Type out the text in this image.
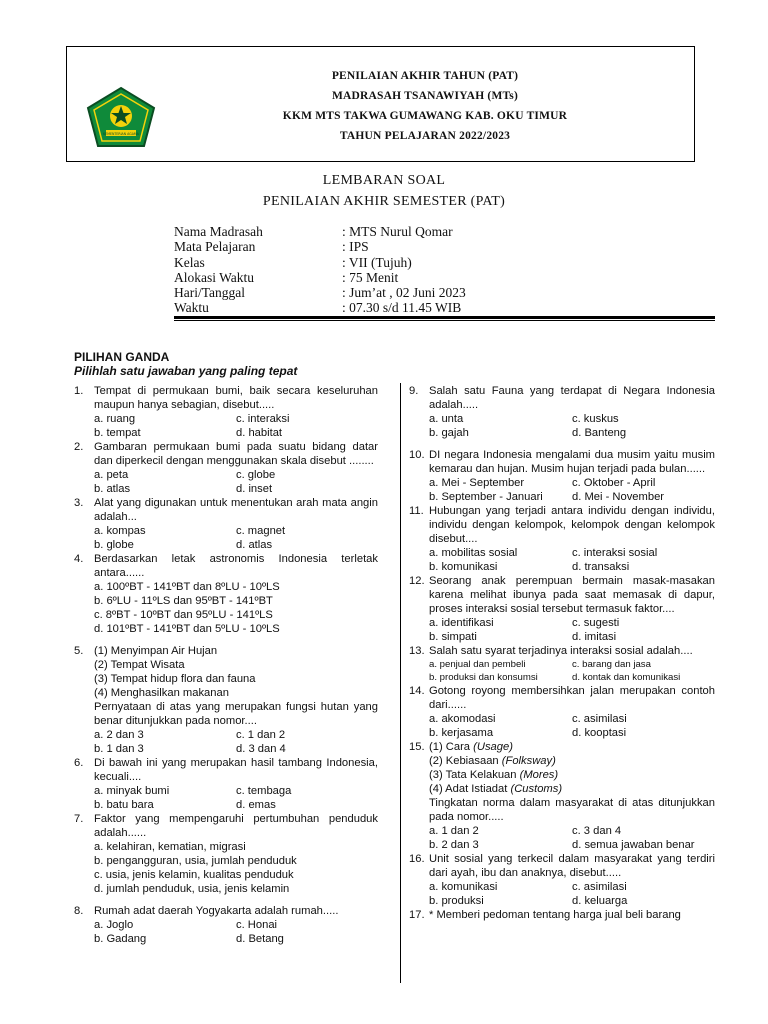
KEMENTERIAN AGAMA
PENILAIAN AKHIR TAHUN (PAT)
MADRASAH TSANAWIYAH (MTs)
KKM MTS TAKWA GUMAWANG KAB. OKU TIMUR
TAHUN PELAJARAN 2022/2023
LEMBARAN SOAL
PENILAIAN AKHIR SEMESTER (PAT)
Nama Madrasah	: MTS Nurul Qomar
Mata Pelajaran	: IPS
Kelas	: VII (Tujuh)
Alokasi Waktu	: 75 Menit
Hari/Tanggal	: Jum’at , 02 Juni 2023
Waktu	: 07.30 s/d 11.45 WIB
PILIHAN GANDA
Pilihlah satu jawaban yang paling tepat
1. Tempat di permukaan bumi, baik secara keseluruhan maupun hanya sebagian, disebut.....
a. ruang	c. interaksi
b. tempat	d. habitat
2. Gambaran permukaan bumi pada suatu bidang datar dan diperkecil dengan menggunakan skala disebut ........
a. peta	c. globe
b. atlas	d. inset
3. Alat yang digunakan untuk menentukan arah mata angin adalah...
a. kompas	c. magnet
b. globe	d. atlas
4. Berdasarkan letak astronomis Indonesia terletak antara......
a. 100ºBT - 141ºBT dan 8ºLU - 10ºLS
b. 6ºLU - 11ºLS dan 95ºBT - 141ºBT
c. 8ºBT - 10ºBT dan 95ºLU - 141ºLS
d. 101ºBT - 141ºBT dan 5ºLU - 10ºLS
5. (1) Menyimpan Air Hujan
(2) Tempat Wisata
(3) Tempat hidup flora dan fauna
(4) Menghasilkan makanan
Pernyataan di atas yang merupakan fungsi hutan yang benar ditunjukkan pada nomor....
a. 2 dan 3	c. 1 dan 2
b. 1 dan 3	d. 3 dan 4
6. Di bawah ini yang merupakan hasil tambang Indonesia, kecuali....
a. minyak bumi	c. tembaga
b. batu bara	d. emas
7. Faktor yang mempengaruhi pertumbuhan penduduk adalah......
a. kelahiran, kematian, migrasi
b. pengangguran, usia, jumlah penduduk
c. usia, jenis kelamin, kualitas penduduk
d. jumlah penduduk, usia, jenis kelamin
8. Rumah adat daerah Yogyakarta adalah rumah.....
a. Joglo	c. Honai
b. Gadang	d. Betang
9. Salah satu Fauna yang terdapat di Negara Indonesia adalah.....
a. unta	c. kuskus
b. gajah	d. Banteng
10. DI negara Indonesia mengalami dua musim yaitu musim kemarau dan hujan. Musim hujan terjadi pada bulan......
a. Mei - September	c. Oktober - April
b. September - Januari	d. Mei - November
11. Hubungan yang terjadi antara individu dengan individu, individu dengan kelompok, kelompok dengan kelompok disebut....
a. mobilitas sosial	c. interaksi sosial
b. komunikasi	d. transaksi
12. Seorang anak perempuan bermain masak-masakan karena melihat ibunya pada saat memasak di dapur, proses interaksi sosial tersebut termasuk faktor....
a. identifikasi	c. sugesti
b. simpati	d. imitasi
13. Salah satu syarat terjadinya interaksi sosial adalah....
a. penjual dan pembeli	c. barang dan jasa
b. produksi dan konsumsi	d. kontak dan komunikasi
14. Gotong royong membersihkan jalan merupakan contoh dari......
a. akomodasi	c. asimilasi
b. kerjasama	d. kooptasi
15. (1) Cara (Usage)
(2) Kebiasaan (Folksway)
(3) Tata Kelakuan (Mores)
(4) Adat Istiadat (Customs)
Tingkatan norma dalam masyarakat di atas ditunjukkan pada nomor.....
a. 1 dan 2	c. 3 dan 4
b. 2 dan 3	d. semua jawaban benar
16. Unit sosial yang terkecil dalam masyarakat yang terdiri dari ayah, ibu dan anaknya, disebut.....
a. komunikasi	c. asimilasi
b. produksi	d. keluarga
17. * Memberi pedoman tentang harga jual beli barang
